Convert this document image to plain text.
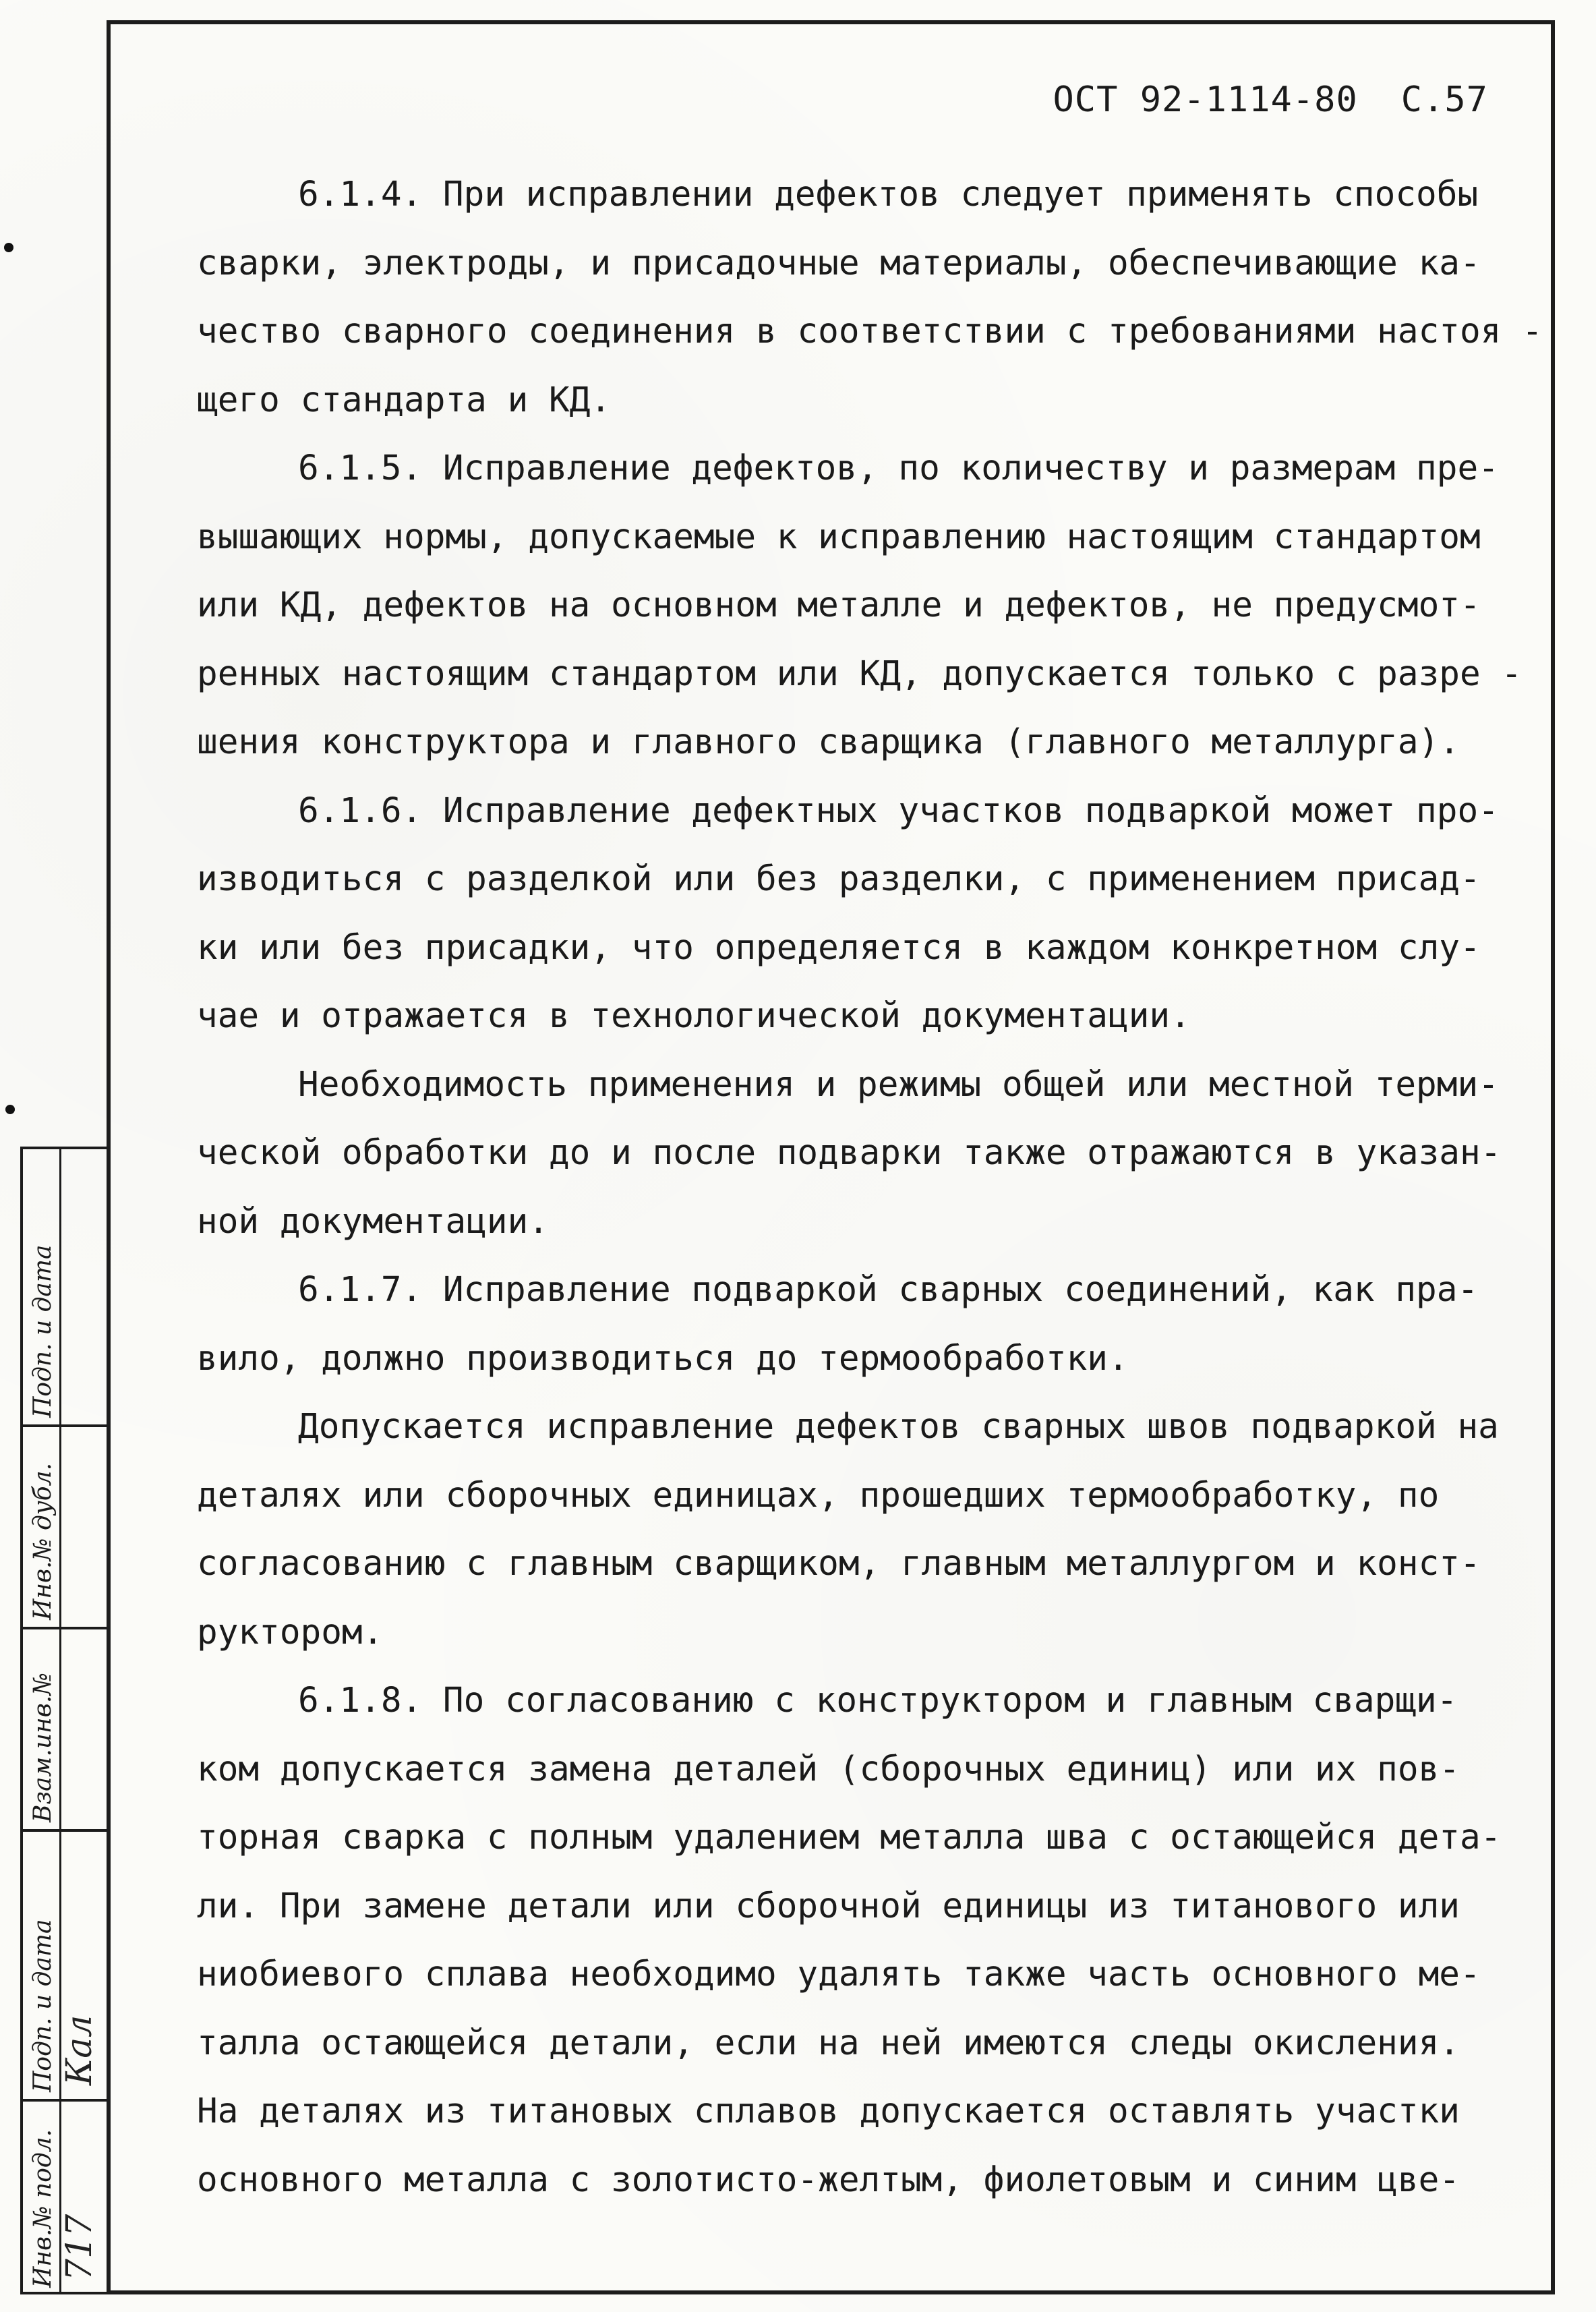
ОСТ 92-1114-80 С.57
6.1.4. При исправлении дефектов следует применять способы
сварки, электроды, и присадочные материалы, обеспечивающие ка-
чество сварного соединения в соответствии с требованиями настоя -
щего стандарта и КД.
6.1.5. Исправление дефектов, по количеству и размерам пре-
вышающих нормы, допускаемые к исправлению настоящим стандартом
или КД, дефектов на основном металле и дефектов, не предусмот-
ренных настоящим стандартом или КД, допускается только с разре -
шения конструктора и главного сварщика (главного металлурга).
6.1.6. Исправление дефектных участков подваркой может про-
изводиться с разделкой или без разделки, с применением присад-
ки или без присадки, что определяется в каждом конкретном слу-
чае и отражается в технологической документации.
Необходимость применения и режимы общей или местной терми-
ческой обработки до и после подварки также отражаются в указан-
ной документации.
6.1.7. Исправление подваркой сварных соединений, как пра-
вило, должно производиться до термообработки.
Допускается исправление дефектов сварных швов подваркой на
деталях или сборочных единицах, прошедших термообработку, по
согласованию с главным сварщиком, главным металлургом и конст-
руктором.
6.1.8. По согласованию с конструктором и главным сварщи-
ком допускается замена деталей (сборочных единиц) или их пов-
торная сварка с полным удалением металла шва с остающейся дета-
ли. При замене детали или сборочной единицы из титанового или
ниобиевого сплава необходимо удалять также часть основного ме-
талла остающейся детали, если на ней имеются следы окисления.
На деталях из титановых сплавов допускается оставлять участки
основного металла с золотисто-желтым, фиолетовым и синим цве-
Подп. и дата
Инв.№ дубл.
Взам.инв.№
Подп. и дата Кал
Инв.№ подл. 717
